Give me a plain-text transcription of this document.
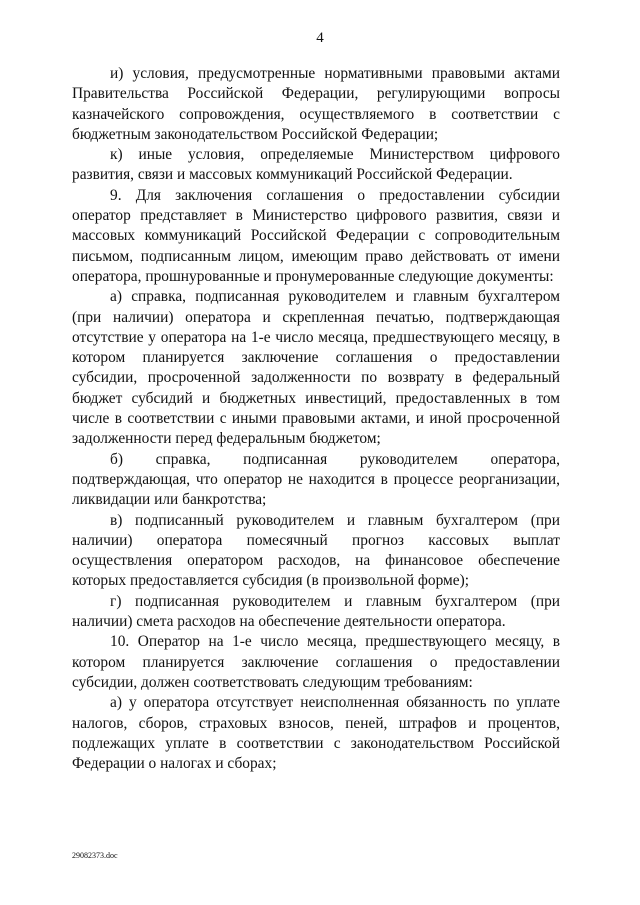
4

и) условия, предусмотренные нормативными правовыми актами Правительства Российской Федерации, регулирующими вопросы казначейского сопровождения, осуществляемого в соответствии с бюджетным законодательством Российской Федерации;

к) иные условия, определяемые Министерством цифрового развития, связи и массовых коммуникаций Российской Федерации.

9. Для заключения соглашения о предоставлении субсидии оператор представляет в Министерство цифрового развития, связи и массовых коммуникаций Российской Федерации с сопроводительным письмом, подписанным лицом, имеющим право действовать от имени оператора, прошнурованные и пронумерованные следующие документы:

а) справка, подписанная руководителем и главным бухгалтером (при наличии) оператора и скрепленная печатью, подтверждающая отсутствие у оператора на 1-е число месяца, предшествующего месяцу, в котором планируется заключение соглашения о предоставлении субсидии, просроченной задолженности по возврату в федеральный бюджет субсидий и бюджетных инвестиций, предоставленных в том числе в соответствии с иными правовыми актами, и иной просроченной задолженности перед федеральным бюджетом;

б) справка, подписанная руководителем оператора, подтверждающая, что оператор не находится в процессе реорганизации, ликвидации или банкротства;

в) подписанный руководителем и главным бухгалтером (при наличии) оператора помесячный прогноз кассовых выплат осуществления оператором расходов, на финансовое обеспечение которых предоставляется субсидия (в произвольной форме);

г) подписанная руководителем и главным бухгалтером (при наличии) смета расходов на обеспечение деятельности оператора.

10. Оператор на 1-е число месяца, предшествующего месяцу, в котором планируется заключение соглашения о предоставлении субсидии, должен соответствовать следующим требованиям:

а) у оператора отсутствует неисполненная обязанность по уплате налогов, сборов, страховых взносов, пеней, штрафов и процентов, подлежащих уплате в соответствии с законодательством Российской Федерации о налогах и сборах;

29082373.doc
